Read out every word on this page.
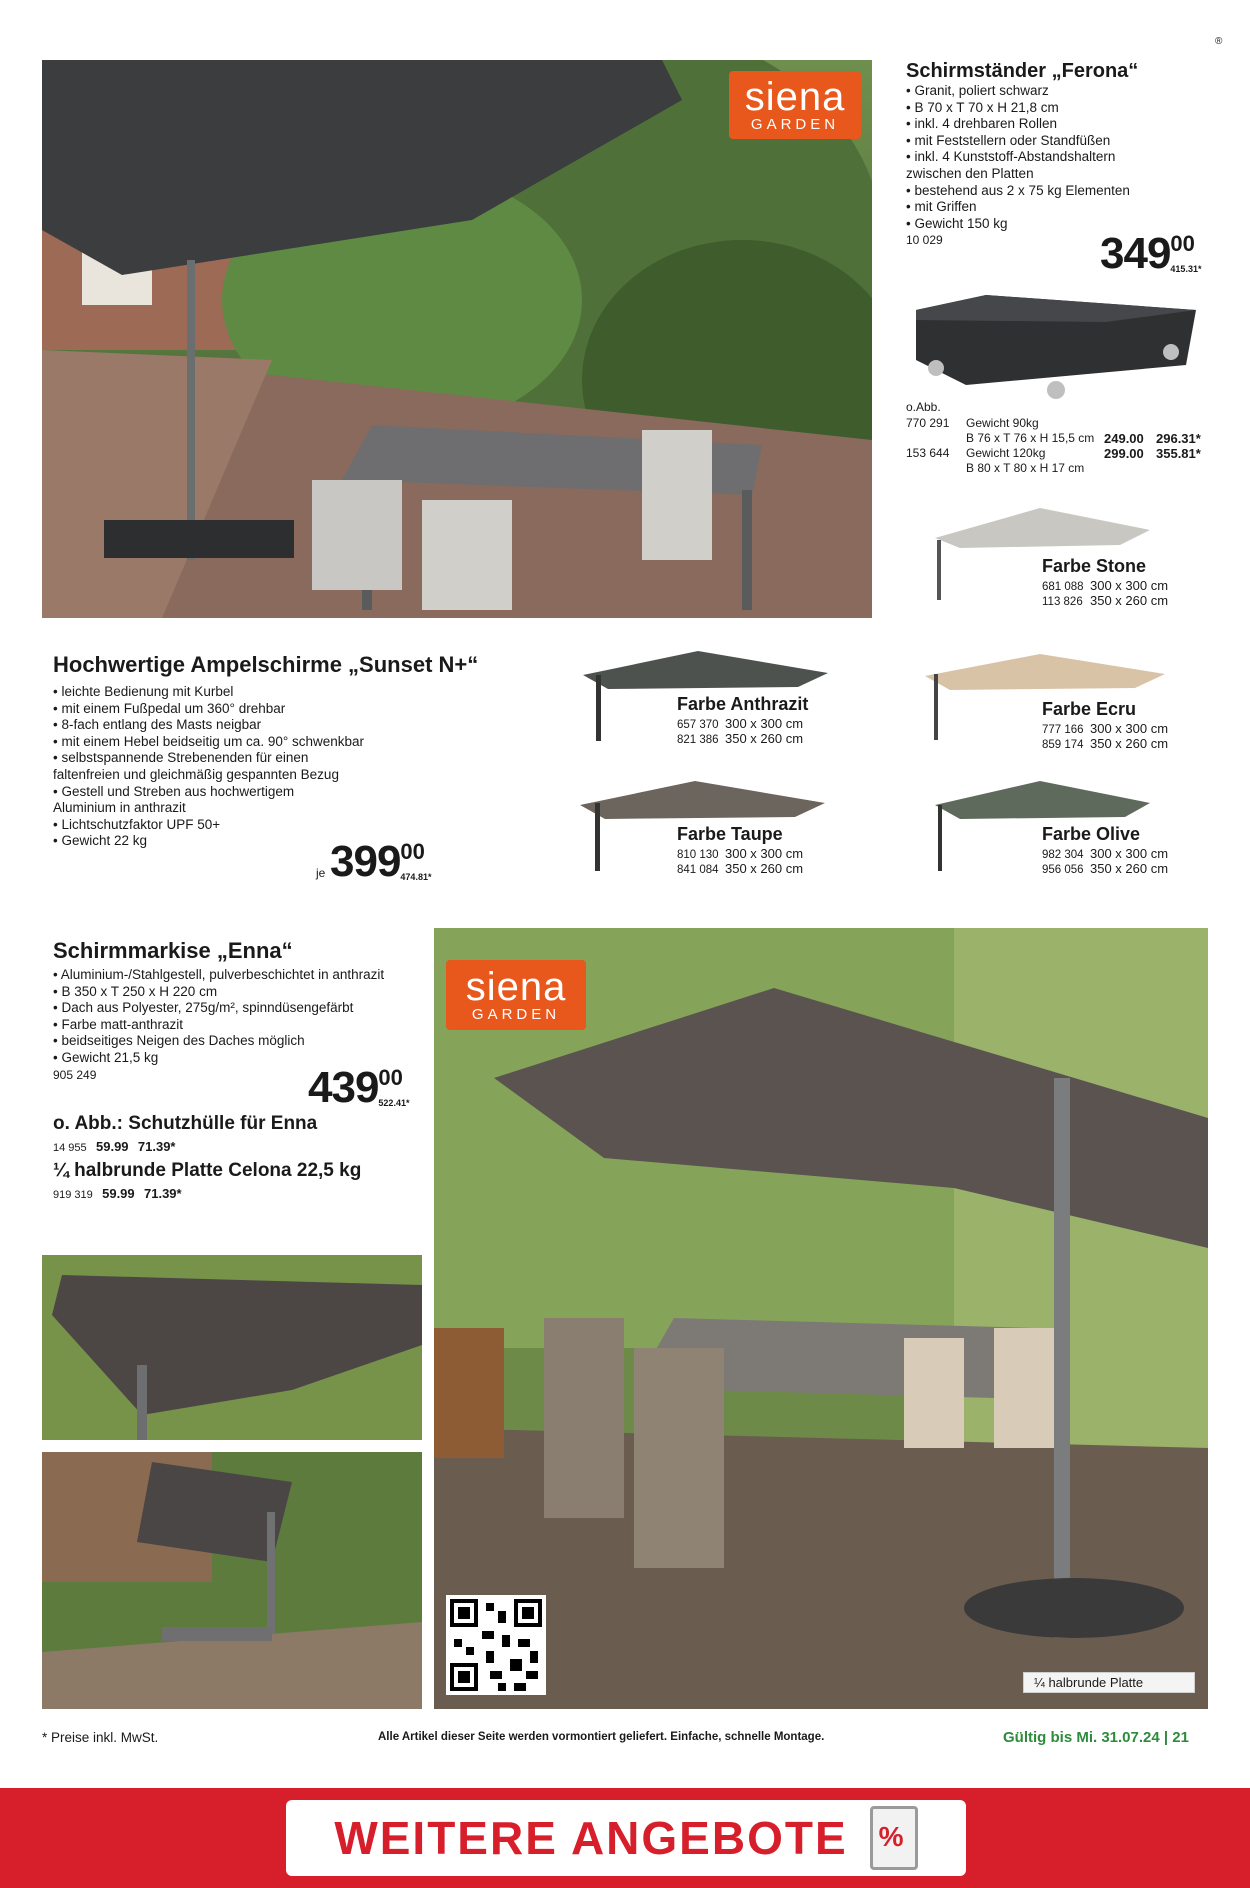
®
siena
GARDEN
Schirmständer „Ferona“
• Granit, poliert schwarz
• B 70 x T 70 x H 21,8 cm
• inkl. 4 drehbaren Rollen
• mit Feststellern oder Standfüßen
• inkl. 4 Kunststoff-Abstandshaltern
zwischen den Platten
• bestehend aus 2 x 75 kg Elementen
• mit Griffen
• Gewicht 150 kg
10 029	34900
415.31*
o.Abb.
770 291 Gewicht 90kg
B 76 x T 76 x H 15,5 cm 249.00 296.31*
153 644 Gewicht 120kg
B 80 x T 80 x H 17 cm
299.00 355.81*
Farbe Stone
681 088 300 x 300 cm
113 826 350 x 260 cm
Farbe Anthrazit
657 370 300 x 300 cm
821 386 350 x 260 cm
Farbe Ecru
777 166 300 x 300 cm
859 174 350 x 260 cm
Farbe Taupe
810 130 300 x 300 cm
841 084 350 x 260 cm
Farbe Olive
982 304 300 x 300 cm
956 056 350 x 260 cm
Hochwertige Ampelschirme „Sunset N+“
• leichte Bedienung mit Kurbel
• mit einem Fußpedal um 360° drehbar
• 8-fach entlang des Masts neigbar
• mit einem Hebel beidseitig um ca. 90° schwenkbar
• selbstspannende Strebenenden für einen
faltenfreien und gleichmäßig gespannten Bezug
• Gestell und Streben aus hochwertigem
Aluminium in anthrazit
• Lichtschutzfaktor UPF 50+
• Gewicht 22 kg
je 39900
474.81*
Schirmmarkise „Enna“
• Aluminium-/Stahlgestell, pulverbeschichtet in anthrazit
• B 350 x T 250 x H 220 cm
• Dach aus Polyester, 275g/m², spinndüsengefärbt
• Farbe matt-anthrazit
• beidseitiges Neigen des Daches möglich
• Gewicht 21,5 kg
905 249	43900
522.41*
o. Abb.: Schutzhülle für Enna
14 955 59.99 71.39*
¼ halbrunde Platte Celona 22,5 kg
919 319 59.99 71.39*
siena
GARDEN
¼ halbrunde Platte
* Preise inkl. MwSt.	Alle Artikel dieser Seite werden vormontiert geliefert. Einfache, schnelle Montage.	Gültig bis Mi. 31.07.24 | 21
WEITERE ANGEBOTE %
